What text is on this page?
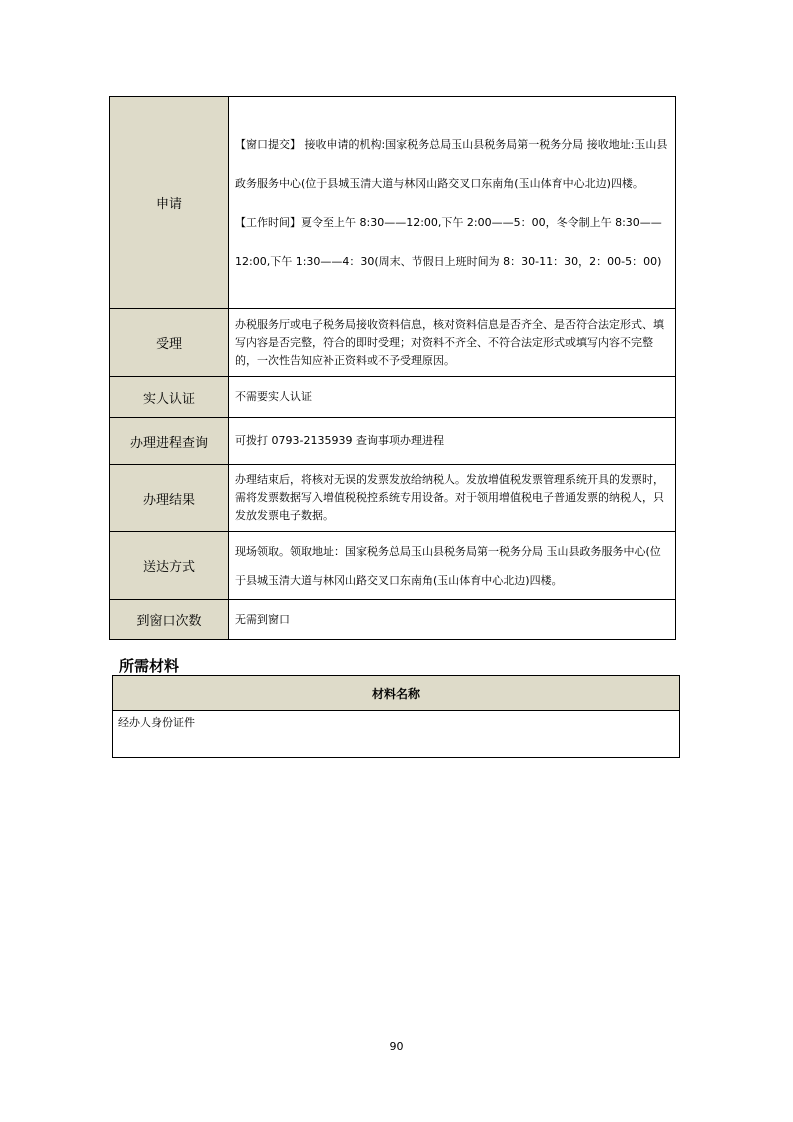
申请	【窗口提交】 接收申请的机构:国家税务总局玉山县税务局第一税务分局 接收地址:玉山县政务服务中心(位于县城玉清大道与林冈山路交叉口东南角(玉山体育中心北边)四楼。 【工作时间】夏令至上午 8:30——12:00,下午 2:00——5：00，冬令制上午 8:30——12:00,下午 1:30——4：30(周末、节假日上班时间为 8：30-11：30，2：00-5：00)
受理	办税服务厅或电子税务局接收资料信息，核对资料信息是否齐全、是否符合法定形式、填写内容是否完整，符合的即时受理；对资料不齐全、不符合法定形式或填写内容不完整的，一次性告知应补正资料或不予受理原因。
实人认证	不需要实人认证
办理进程查询	可拨打 0793-2135939 查询事项办理进程
办理结果	办理结束后，将核对无误的发票发放给纳税人。发放增值税发票管理系统开具的发票时，需将发票数据写入增值税税控系统专用设备。对于领用增值税电子普通发票的纳税人，只发放发票电子数据。
送达方式	现场领取。领取地址：国家税务总局玉山县税务局第一税务分局 玉山县政务服务中心(位于县城玉清大道与林冈山路交叉口东南角(玉山体育中心北边)四楼。
到窗口次数	无需到窗口
所需材料
材料名称
经办人身份证件
90
